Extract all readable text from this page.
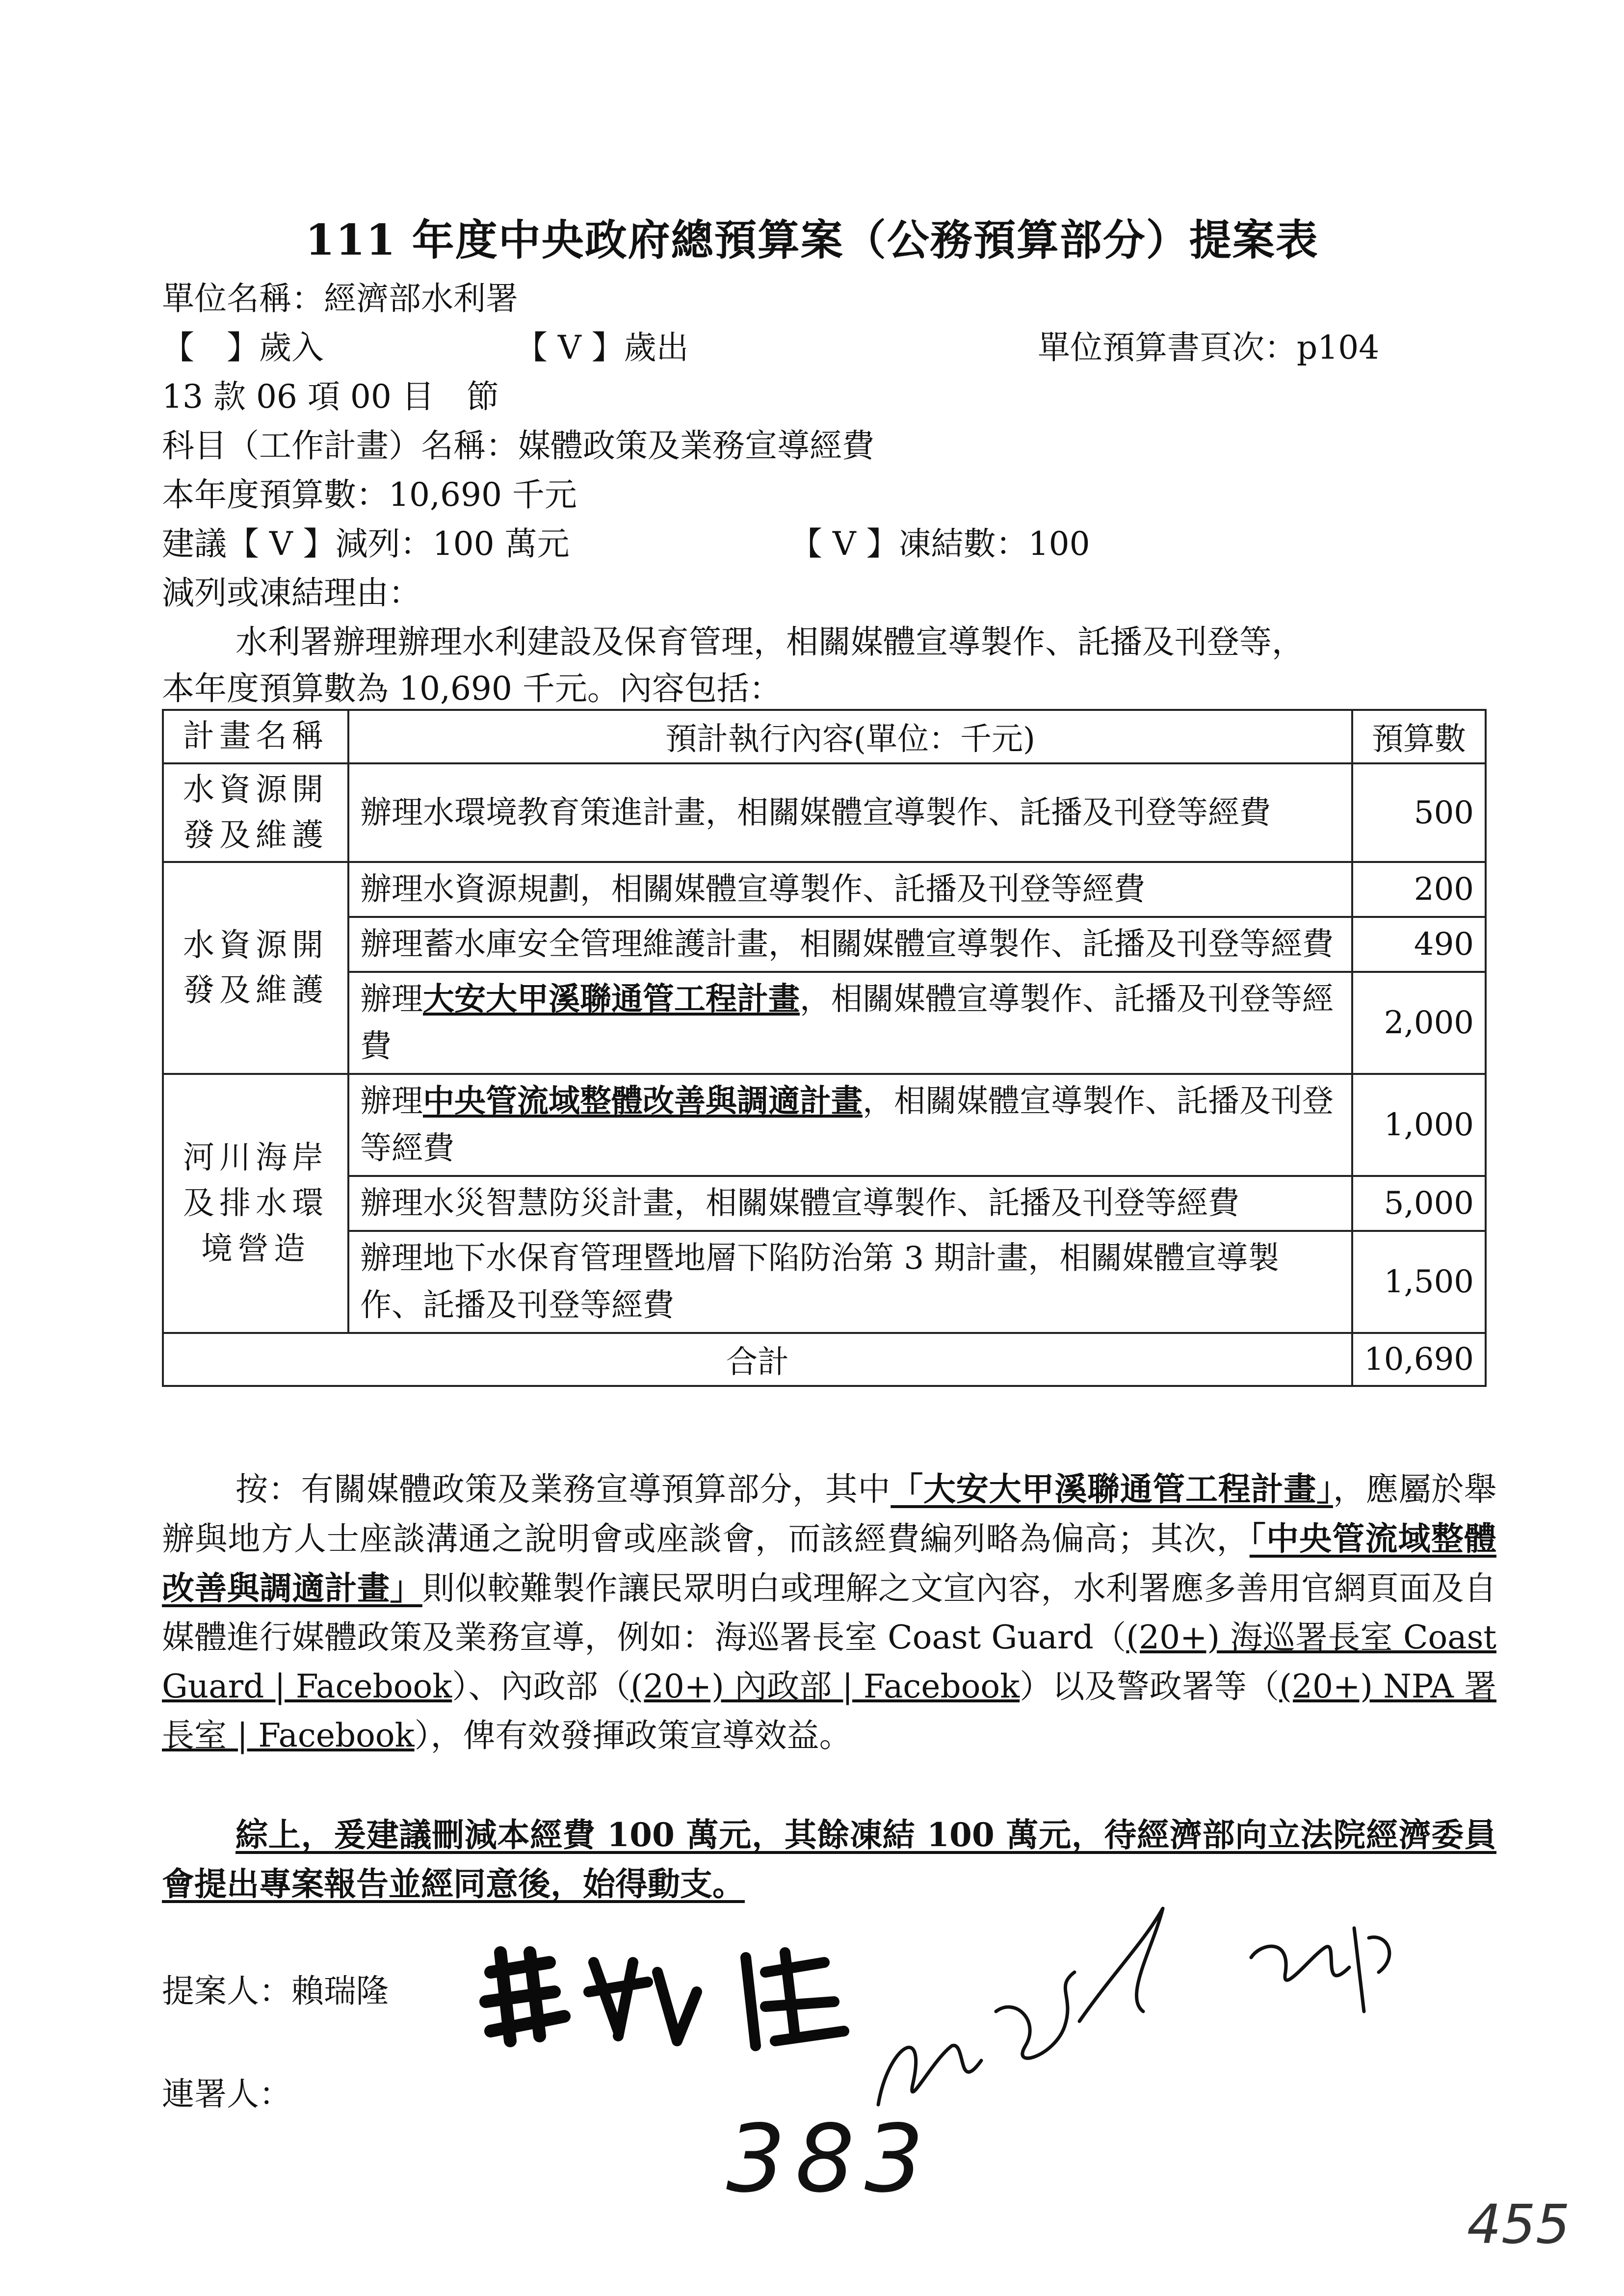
111 年度中央政府總預算案（公務預算部分）提案表
單位名稱：經濟部水利署
【　】歲入	【 V 】歲出	單位預算書頁次：p104
13 款 06 項 00 目　節
科目（工作計畫）名稱：媒體政策及業務宣導經費
本年度預算數：10,690 千元
建議【 V 】減列：100 萬元	【 V 】凍結數：100
減列或凍結理由：
水利署辦理辦理水利建設及保育管理，相關媒體宣導製作、託播及刊登等，
本年度預算數為 10,690 千元。內容包括：
計畫名稱	預計執行內容(單位：千元)	預算數
水資源開發及維護	辦理水環境教育策進計畫，相關媒體宣導製作、託播及刊登等經費	500
水資源開發及維護	辦理水資源規劃，相關媒體宣導製作、託播及刊登等經費	200
	辦理蓄水庫安全管理維護計畫，相關媒體宣導製作、託播及刊登等經費	490
	辦理大安大甲溪聯通管工程計畫，相關媒體宣導製作、託播及刊登等經費	2,000
河川海岸及排水環境營造	辦理中央管流域整體改善與調適計畫，相關媒體宣導製作、託播及刊登等經費	1,000
	辦理水災智慧防災計畫，相關媒體宣導製作、託播及刊登等經費	5,000
	辦理地下水保育管理暨地層下陷防治第 3 期計畫，相關媒體宣導製作、託播及刊登等經費	1,500
合計		10,690
按：有關媒體政策及業務宣導預算部分，其中「大安大甲溪聯通管工程計畫」，應屬於舉辦與地方人士座談溝通之說明會或座談會，而該經費編列略為偏高；其次，「中央管流域整體改善與調適計畫」則似較難製作讓民眾明白或理解之文宣內容，水利署應多善用官網頁面及自媒體進行媒體政策及業務宣導，例如：海巡署長室 Coast Guard（(20+) 海巡署長室 Coast Guard | Facebook）、內政部（(20+) 內政部 | Facebook）以及警政署等（(20+) NPA 署長室 | Facebook），俾有效發揮政策宣導效益。
綜上，爰建議刪減本經費 100 萬元，其餘凍結 100 萬元，待經濟部向立法院經濟委員會提出專案報告並經同意後，始得動支。
提案人：賴瑞隆
連署人：
383
455
